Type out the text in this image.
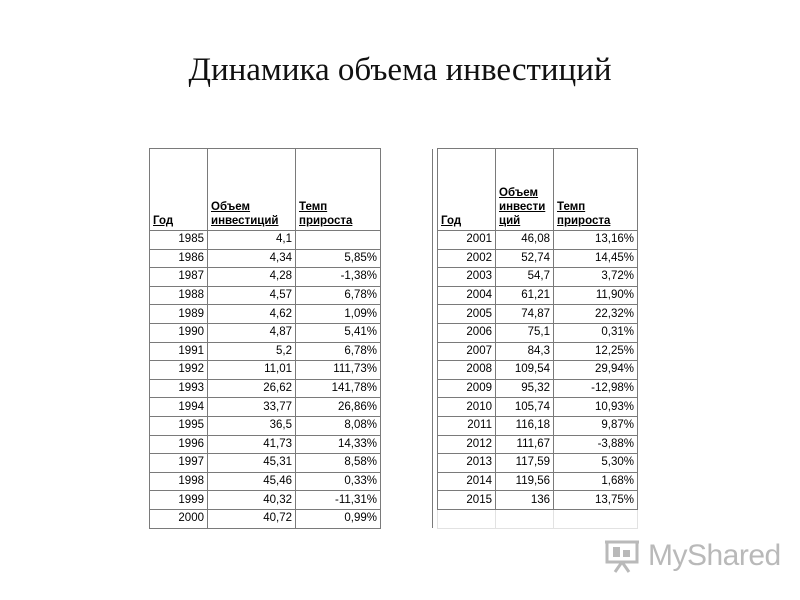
Динамика объема инвестиций
Год	Объем инвестиций	Темп прироста	
1985	4,1		
1986	4,34	5,85%	
1987	4,28	-1,38%	
1988	4,57	6,78%	
1989	4,62	1,09%	
1990	4,87	5,41%	
1991	5,2	6,78%	
1992	11,01	111,73%	
1993	26,62	141,78%	
1994	33,77	26,86%	
1995	36,5	8,08%	
1996	41,73	14,33%	
1997	45,31	8,58%	
1998	45,46	0,33%	
1999	40,32	-11,31%	
2000	40,72	0,99%	
Год	Объем инвести ций	Темп прироста
2001	46,08	13,16%
2002	52,74	14,45%
2003	54,7	3,72%
2004	61,21	11,90%
2005	74,87	22,32%
2006	75,1	0,31%
2007	84,3	12,25%
2008	109,54	29,94%
2009	95,32	-12,98%
2010	105,74	10,93%
2011	116,18	9,87%
2012	111,67	-3,88%
2013	117,59	5,30%
2014	119,56	1,68%
2015	136	13,75%

MyShared
